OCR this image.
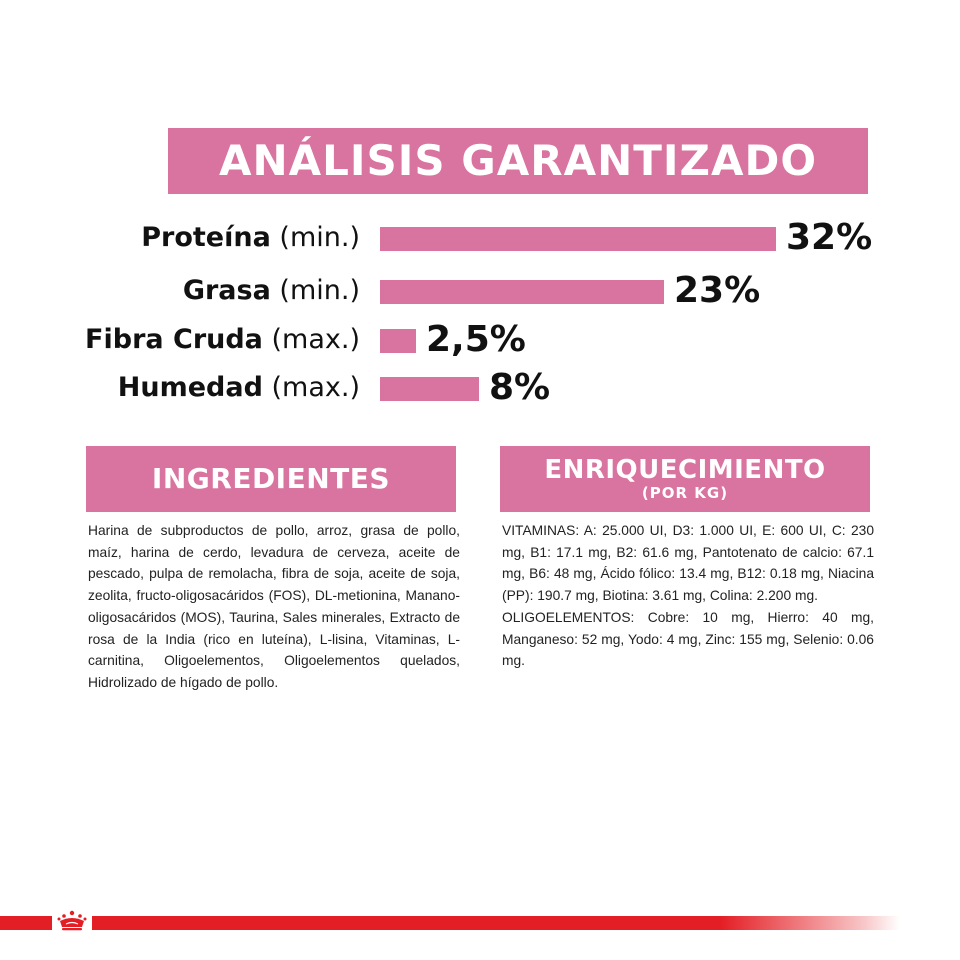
ANÁLISIS GARANTIZADO
Proteína (min.)	32%
Grasa (min.)	23%
Fibra Cruda (max.) 2,5%
Humedad (max.)	8%
INGREDIENTES

Harina de subproductos de pollo, arroz, grasa de pollo, maíz, harina de cerdo, levadura de cerveza, aceite de pescado, pulpa de remolacha, fibra de soja, aceite de soja, zeolita, fructo-oligosacáridos (FOS), DL-metionina, Manano-oligosacáridos (MOS), Taurina, Sales minerales, Extracto de rosa de la India (rico en luteína), L-lisina, Vitaminas, L-carnitina, Oligoelementos, Oligoelementos quelados, Hidrolizado de hígado de pollo.

ENRIQUECIMIENTO
(POR KG)

VITAMINAS: A: 25.000 UI, D3: 1.000 UI, E: 600 UI, C: 230 mg, B1: 17.1 mg, B2: 61.6 mg, Pantotenato de calcio: 67.1 mg, B6: 48 mg, Ácido fólico: 13.4 mg, B12: 0.18 mg, Niacina (PP): 190.7 mg, Biotina: 3.61 mg, Colina: 2.200 mg.

OLIGOELEMENTOS: Cobre: 10 mg, Hierro: 40 mg, Manganeso: 52 mg, Yodo: 4 mg, Zinc: 155 mg, Selenio: 0.06 mg.
